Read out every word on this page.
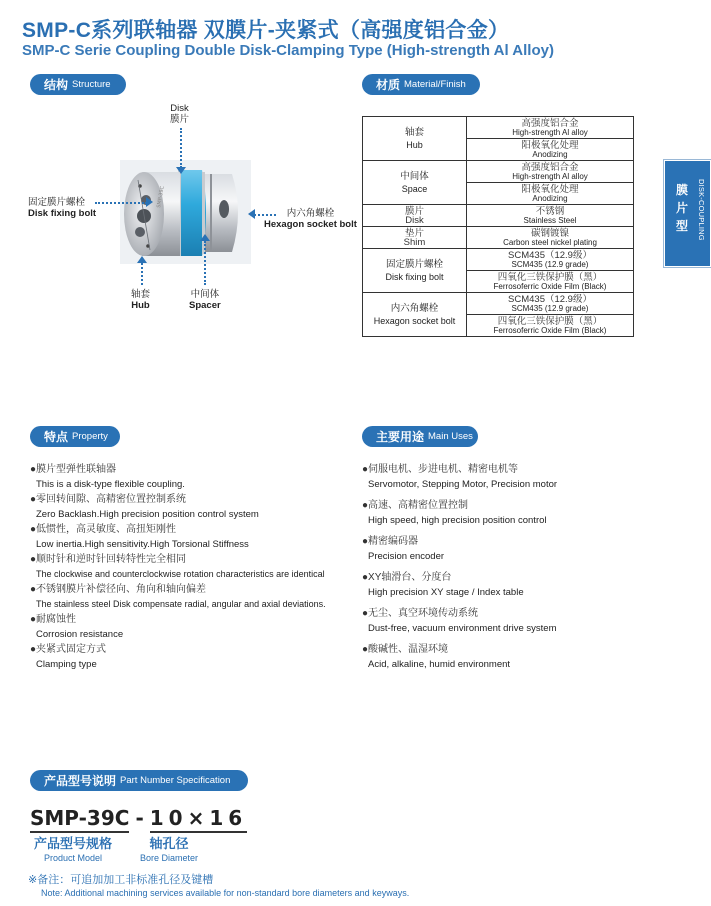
SMP-C系列联轴器 双膜片-夹紧式（高强度铝合金）
SMP-C Serie Coupling Double Disk-Clamping Type (High-strength Al Alloy)
结构 Structure
SMP-39C
Disk
膜片
固定膜片螺栓
Disk fixing bolt	内六角螺栓
Hexagon socket bolt
轴套
Hub
中间体
Spacer
材质 Material/Finish
轴套
Hub	高强度铝合金
High-strength Al alloy

	阳极氧化处理
Anodizing

中间体
Space	高强度铝合金
High-strength Al alloy

	阳极氧化处理
Anodizing

膜片
Disk	不锈钢
Stainless Steel

垫片
Shim	碳钢镀镍
Carbon steel nickel plating

固定膜片螺栓
Disk fixing bolt	SCM435（12.9级）
SCM435 (12.9 grade)

	四氧化三铁保护膜（黑）
Ferrosoferric Oxide Film (Black)

内六角螺栓
Hexagon socket bolt	SCM435（12.9级）
SCM435 (12.9 grade)

	四氧化三铁保护膜（黑）
Ferrosoferric Oxide Film (Black)
膜
片
型 DISK-COUPLING
特点 Property
●膜片型弹性联轴器
This is a disk-type flexible coupling.
●零回转间隙、高精密位置控制系统
Zero Backlash.High precision position control system
●低惯性，高灵敏度、高扭矩刚性
Low inertia.High sensitivity.High Torsional Stiffness
●顺时针和逆时针回转特性完全相同
The clockwise and counterclockwise rotation characteristics are identical
●不锈钢膜片补偿径向、角向和轴向偏差
The stainless steel Disk compensate radial, angular and axial deviations.
●耐腐蚀性
Corrosion resistance
●夹紧式固定方式
Clamping type
主要用途 Main Uses
●伺服电机、步进电机、精密电机等
Servomotor, Stepping Motor, Precision motor
●高速、高精密位置控制
High speed, high precision position control
●精密编码器
Precision encoder
●XY轴滑台、分度台
High precision XY stage / Index table
●无尘、真空环境传动系统
Dust-free, vacuum environment drive system
●酸碱性、温湿环境
Acid, alkaline, humid environment
产品型号说明 Part Number Specification
SMP-39C - 10×16
产品型号规格
Product Model
轴孔径
Bore Diameter
※备注：可追加加工非标准孔径及键槽
Note: Additional machining services available for non-standard bore diameters and keyways.
